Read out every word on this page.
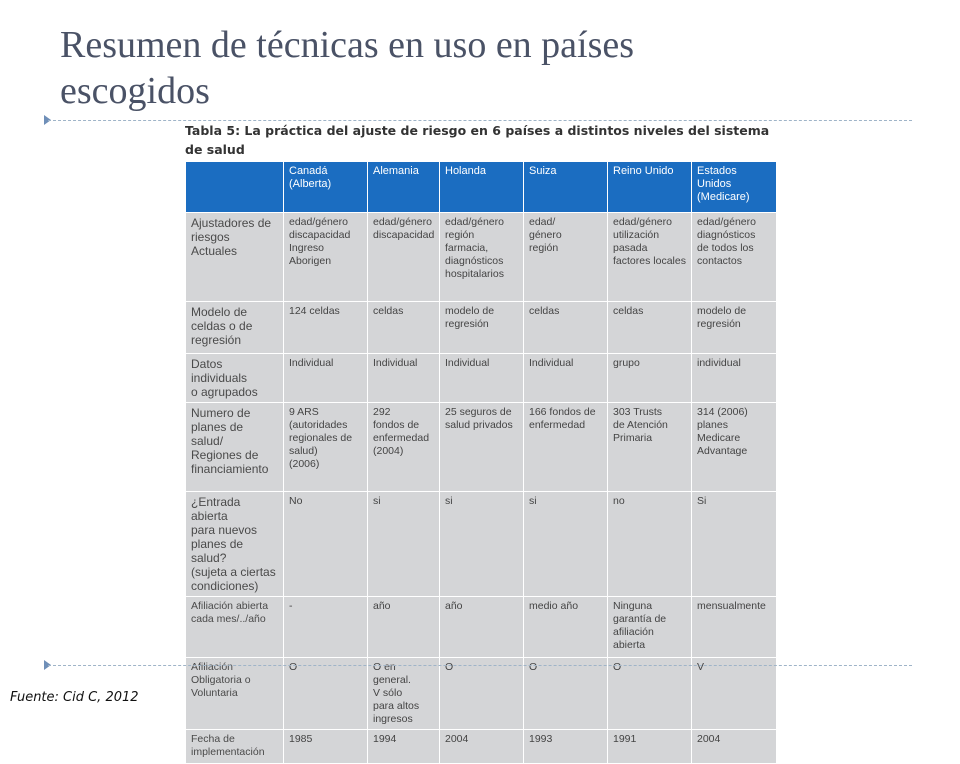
Resumen de técnicas en uso en países
escogidos
Tabla 5: La práctica del ajuste de riesgo en 6 países a distintos niveles del sistema de salud
	Canadá
(Alberta)	Alemania	Holanda	Suiza	Reino Unido	Estados
Unidos
(Medicare)
Ajustadores de
riesgos Actuales	edad/género
discapacidad
Ingreso
Aborigen	edad/género
discapacidad	edad/género
región
farmacia,
diagnósticos
hospitalarios	edad/
género
región	edad/género
utilización
pasada
factores locales	edad/género
diagnósticos
de todos los
contactos
Modelo de
celdas o de
regresión	124 celdas	celdas	modelo de
regresión	celdas	celdas	modelo de
regresión
Datos individuals
o agrupados	Individual	Individual	Individual	Individual	grupo	individual
Numero de
planes de salud/
Regiones de
financiamiento	9 ARS
(autoridades
regionales de
salud)
(2006)	292
fondos de
enfermedad
(2004)	25 seguros de
salud privados	166 fondos de
enfermedad	303 Trusts
de Atención
Primaria	314 (2006)
planes
Medicare
Advantage
¿Entrada abierta
para nuevos
planes de salud?
(sujeta a ciertas
condiciones)	No	si	si	si	no	Si
Afiliación abierta
cada mes/../año	-	año	año	medio año	Ninguna
garantía de
afiliación
abierta	mensualmente
Afiliación
Obligatoria o
Voluntaria	O	O en general.
V sólo
para altos
ingresos	O	O	O	V
Fecha de
implementación	1985	1994	2004	1993	1991	2004
Fuente: Cid C, 2012
